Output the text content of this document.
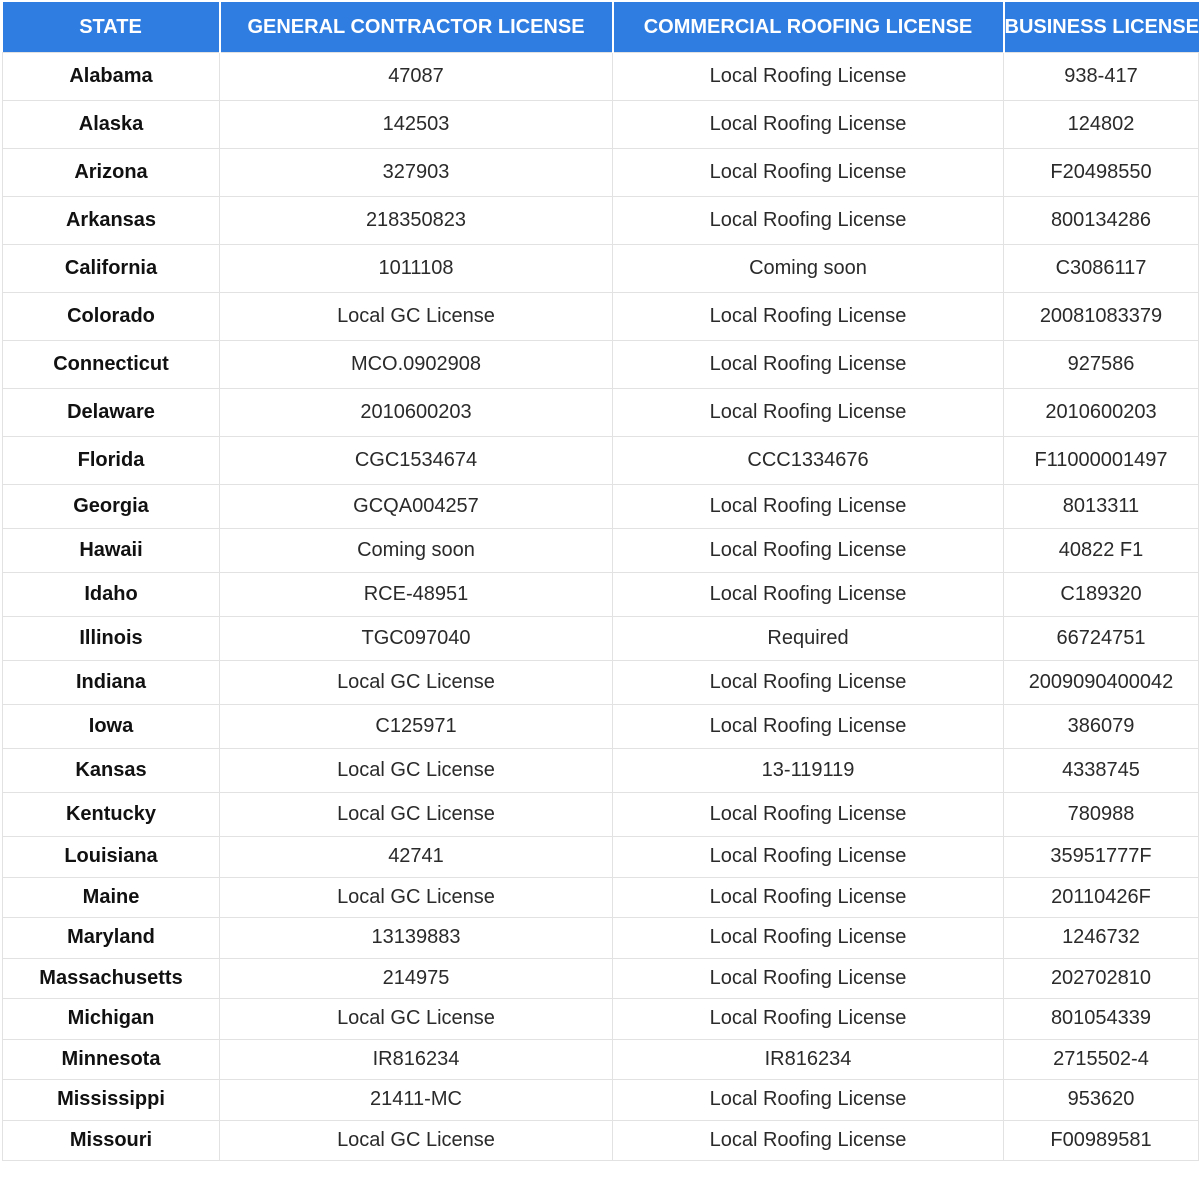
STATE	GENERAL CONTRACTOR LICENSE	COMMERCIAL ROOFING LICENSE	BUSINESS LICENSE
Alabama	47087	Local Roofing License	938-417
Alaska	142503	Local Roofing License	124802
Arizona	327903	Local Roofing License	F20498550
Arkansas	218350823	Local Roofing License	800134286
California	1011108	Coming soon	C3086117
Colorado	Local GC License	Local Roofing License	20081083379
Connecticut	MCO.0902908	Local Roofing License	927586
Delaware	2010600203	Local Roofing License	2010600203
Florida	CGC1534674	CCC1334676	F11000001497
Georgia	GCQA004257	Local Roofing License	8013311
Hawaii	Coming soon	Local Roofing License	40822 F1
Idaho	RCE-48951	Local Roofing License	C189320
Illinois	TGC097040	Required	66724751
Indiana	Local GC License	Local Roofing License	2009090400042
Iowa	C125971	Local Roofing License	386079
Kansas	Local GC License	13-119119	4338745
Kentucky	Local GC License	Local Roofing License	780988
Louisiana	42741	Local Roofing License	35951777F
Maine	Local GC License	Local Roofing License	20110426F
Maryland	13139883	Local Roofing License	1246732
Massachusetts	214975	Local Roofing License	202702810
Michigan	Local GC License	Local Roofing License	801054339
Minnesota	IR816234	IR816234	2715502-4
Mississippi	21411-MC	Local Roofing License	953620
Missouri	Local GC License	Local Roofing License	F00989581
